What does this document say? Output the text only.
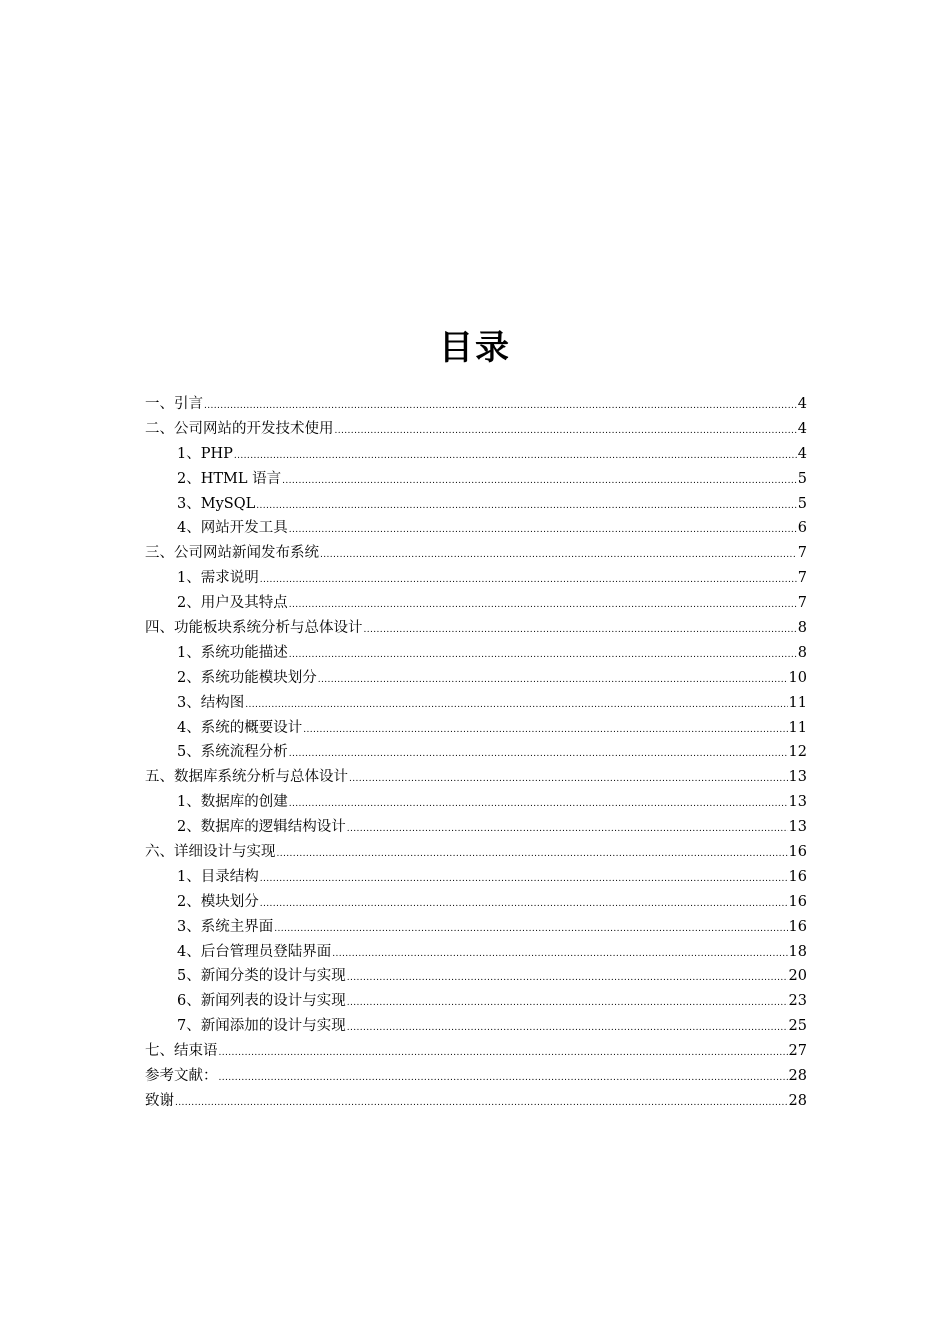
目录
一、引言 .....	4
二、公司网站的开发技术使用 .....	4
1、PHP .....	4
2、HTML 语言 .....	5
3、MySQL .....	5
4、网站开发工具 .....	6
三、公司网站新闻发布系统 .....	7
1、需求说明 .....	7
2、用户及其特点 .....	7
四、功能板块系统分析与总体设计 .....	8
1、系统功能描述 .....	8
2、系统功能模块划分 .....	10
3、结构图 .....	11
4、系统的概要设计 .....	11
5、系统流程分析 .....	12
五、数据库系统分析与总体设计 .....	13
1、数据库的创建 .....	13
2、数据库的逻辑结构设计 .....	13
六、详细设计与实现 .....	16
1、目录结构 .....	16
2、模块划分 .....	16
3、系统主界面 .....	16
4、后台管理员登陆界面 .....	18
5、新闻分类的设计与实现 .....	20
6、新闻列表的设计与实现 .....	23
7、新闻添加的设计与实现 .....	25
七、结束语 .....	27
参考文献： .....	28
致谢 .....	28
